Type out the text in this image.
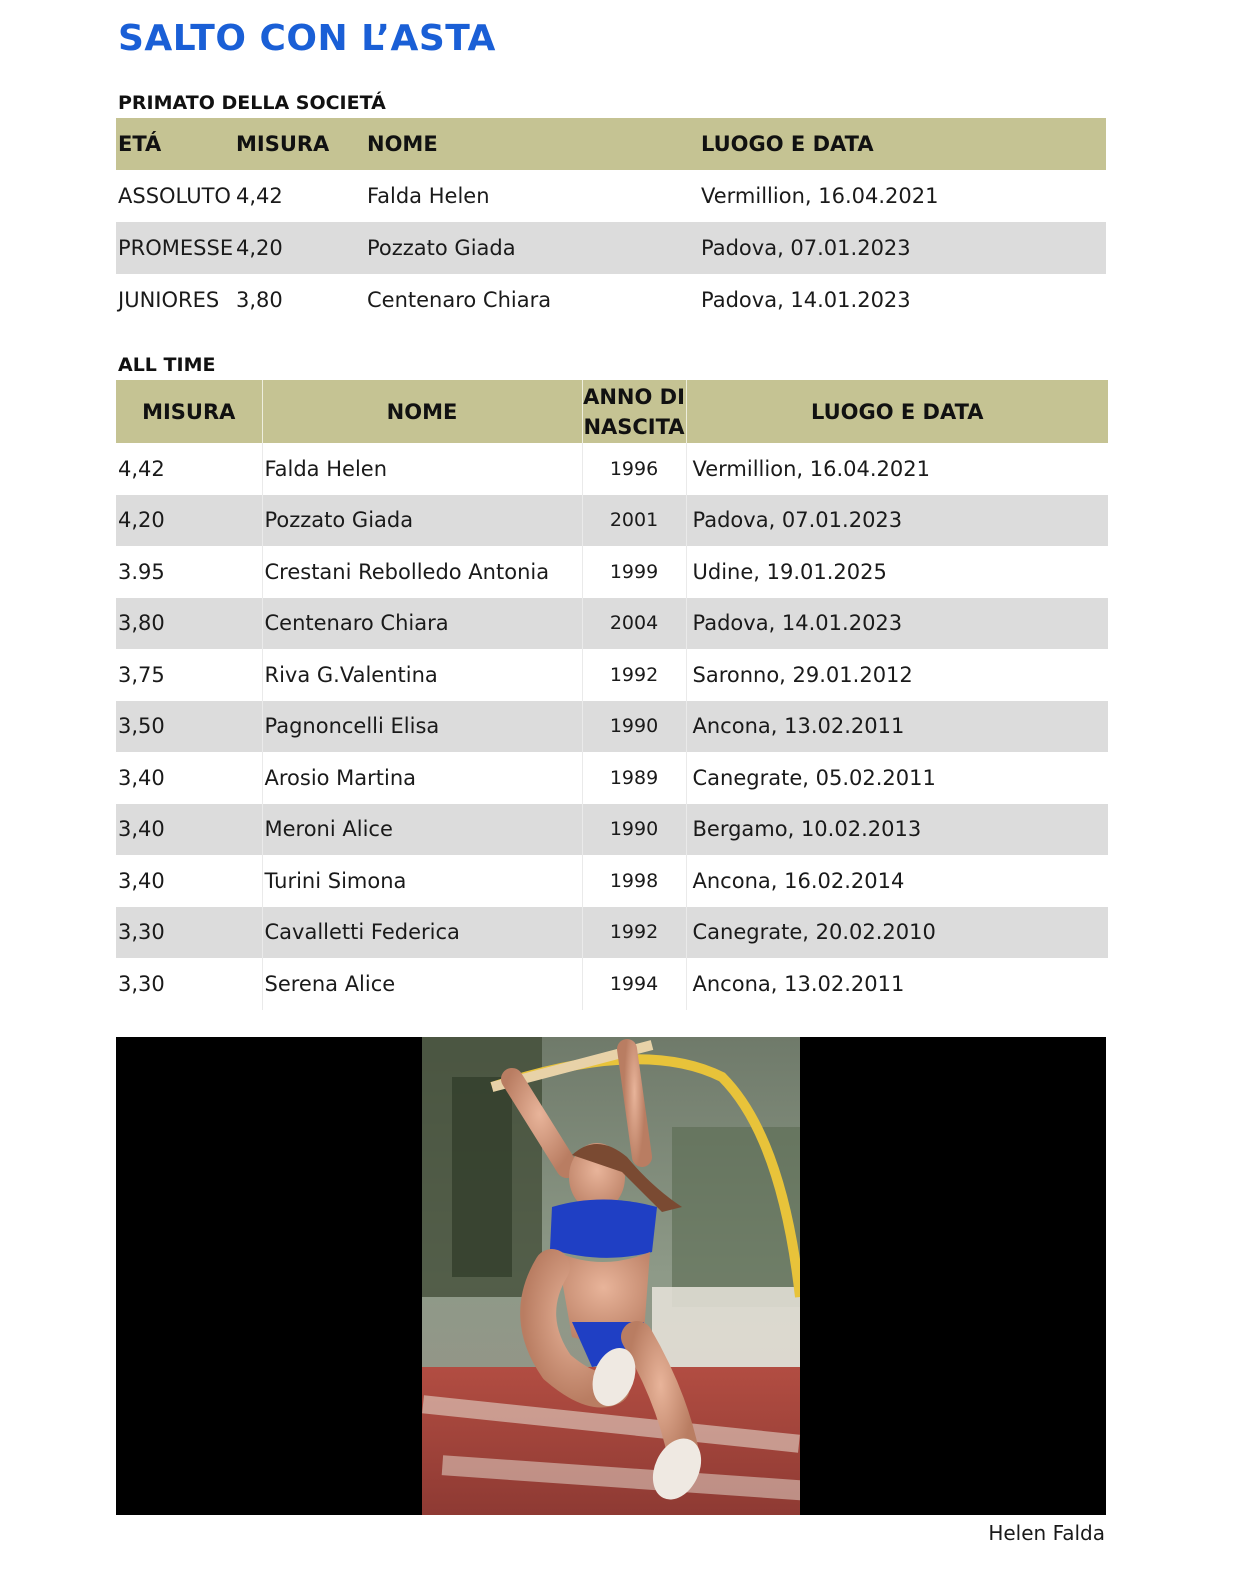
SALTO CON L’ASTA
PRIMATO DELLA SOCIETÁ
ETÁ	MISURA	NOME	LUOGO E DATA
ASSOLUTO	4,42	Falda Helen	Vermillion, 16.04.2021
PROMESSE	4,20	Pozzato Giada	Padova, 07.01.2023
JUNIORES	3,80	Centenaro Chiara	Padova, 14.01.2023
ALL TIME
MISURA	NOME	ANNO DI NASCITA	LUOGO E DATA
4,42	Falda Helen	1996	Vermillion, 16.04.2021
4,20	Pozzato Giada	2001	Padova, 07.01.2023
3.95	Crestani Rebolledo Antonia	1999	Udine, 19.01.2025
3,80	Centenaro Chiara	2004	Padova, 14.01.2023
3,75	Riva G.Valentina	1992	Saronno, 29.01.2012
3,50	Pagnoncelli Elisa	1990	Ancona, 13.02.2011
3,40	Arosio Martina	1989	Canegrate, 05.02.2011
3,40	Meroni Alice	1990	Bergamo, 10.02.2013
3,40	Turini Simona	1998	Ancona, 16.02.2014
3,30	Cavalletti Federica	1992	Canegrate, 20.02.2010
3,30	Serena Alice	1994	Ancona, 13.02.2011
Helen Falda
